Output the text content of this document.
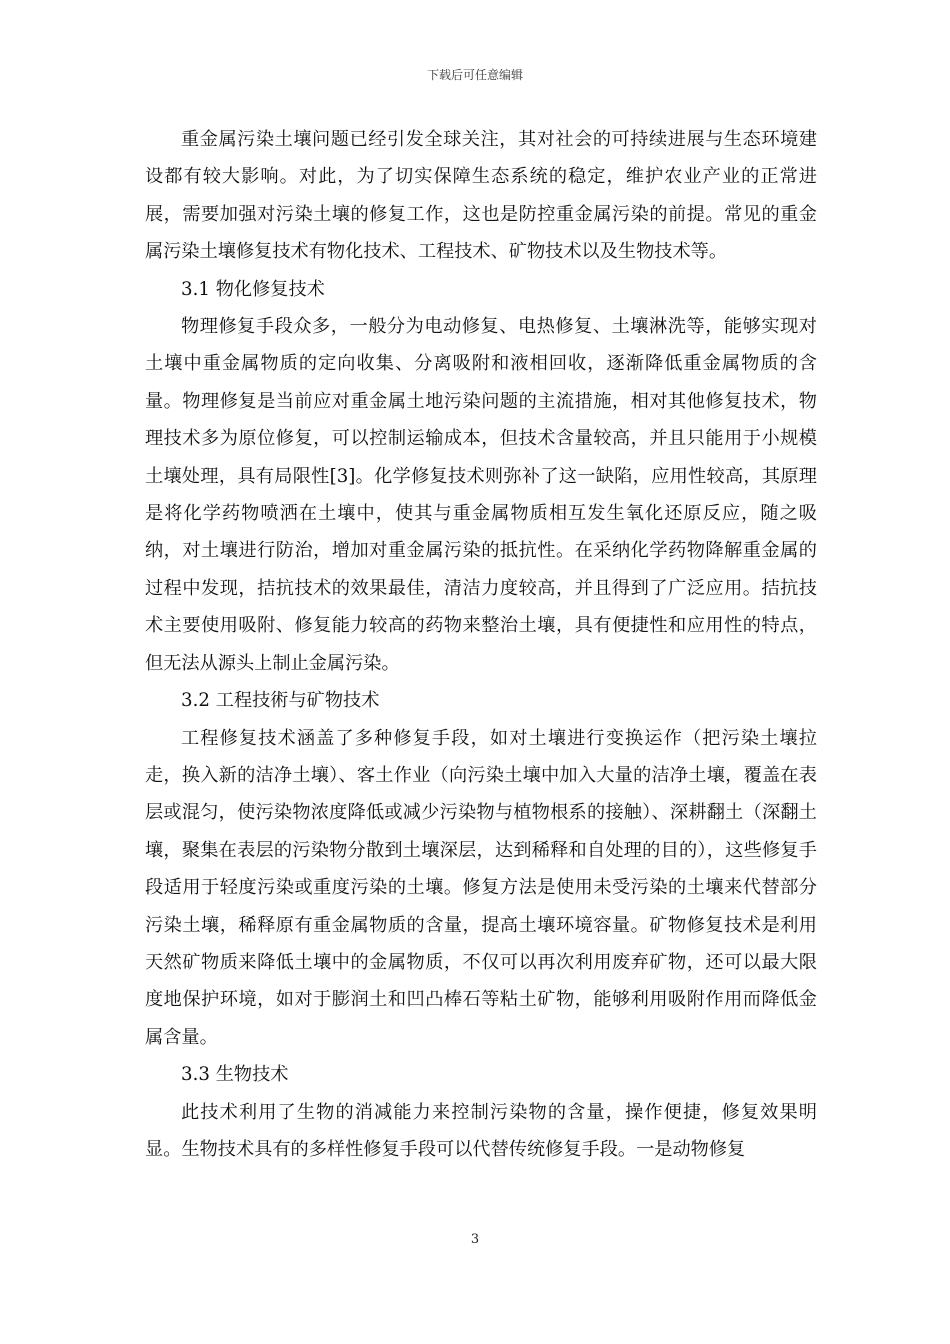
下载后可任意编辑

重金属污染土壤问题已经引发全球关注，其对社会的可持续进展与生态环境建设都有较大影响。对此，为了切实保障生态系统的稳定，维护农业产业的正常进展，需要加强对污染土壤的修复工作，这也是防控重金属污染的前提。常见的重金属污染土壤修复技术有物化技术、工程技术、矿物技术以及生物技术等。

3.1 物化修复技术

物理修复手段众多，一般分为电动修复、电热修复、土壤淋洗等，能够实现对土壤中重金属物质的定向收集、分离吸附和液相回收，逐渐降低重金属物质的含量。物理修复是当前应对重金属土地污染问题的主流措施，相对其他修复技术，物理技术多为原位修复，可以控制运输成本，但技术含量较高，并且只能用于小规模土壤处理，具有局限性[3]。化学修复技术则弥补了这一缺陷，应用性较高，其原理是将化学药物喷洒在土壤中，使其与重金属物质相互发生氧化还原反应，随之吸纳，对土壤进行防治，增加对重金属污染的抵抗性。在采纳化学药物降解重金属的过程中发现，拮抗技术的效果最佳，清洁力度较高，并且得到了广泛应用。拮抗技术主要使用吸附、修复能力较高的药物来整治土壤，具有便捷性和应用性的特点，但无法从源头上制止金属污染。

3.2 工程技術与矿物技术

工程修复技术涵盖了多种修复手段，如对土壤进行变换运作（把污染土壤拉走，换入新的洁净土壤）、客土作业（向污染土壤中加入大量的洁净土壤，覆盖在表层或混匀，使污染物浓度降低或减少污染物与植物根系的接触）、深耕翻土（深翻土壤，聚集在表层的污染物分散到土壤深层，达到稀释和自处理的目的），这些修复手段适用于轻度污染或重度污染的土壤。修复方法是使用未受污染的土壤来代替部分污染土壤，稀释原有重金属物质的含量，提高土壤环境容量。矿物修复技术是利用天然矿物质来降低土壤中的金属物质，不仅可以再次利用废弃矿物，还可以最大限度地保护环境，如对于膨润土和凹凸棒石等粘土矿物，能够利用吸附作用而降低金属含量。

3.3 生物技术

此技术利用了生物的消减能力来控制污染物的含量，操作便捷，修复效果明显。生物技术具有的多样性修复手段可以代替传统修复手段。一是动物修复

3
